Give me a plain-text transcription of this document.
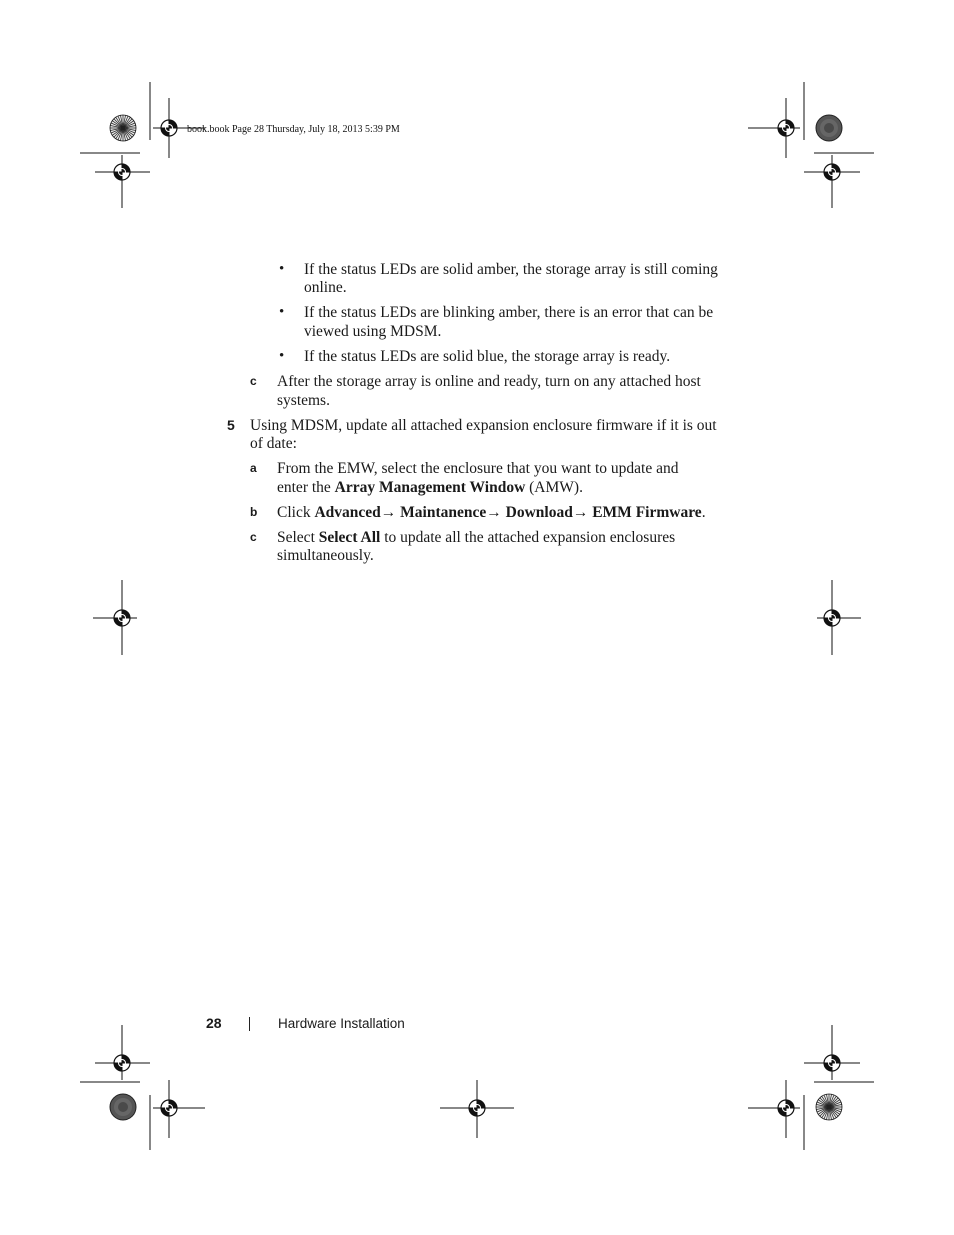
book.book Page 28 Thursday, July 18, 2013 5:39 PM
• If the status LEDs are solid amber, the storage array is still coming
online.
• If the status LEDs are blinking amber, there is an error that can be
viewed using MDSM.
• If the status LEDs are solid blue, the storage array is ready.
c After the storage array is online and ready, turn on any attached host
systems.
5 Using MDSM, update all attached expansion enclosure firmware if it is out
of date:
a From the EMW, select the enclosure that you want to update and
enter the Array Management Window (AMW).
b Click Advanced→ Maintanence→ Download→ EMM Firmware.
c Select Select All to update all the attached expansion enclosures
simultaneously.
28	Hardware Installation
